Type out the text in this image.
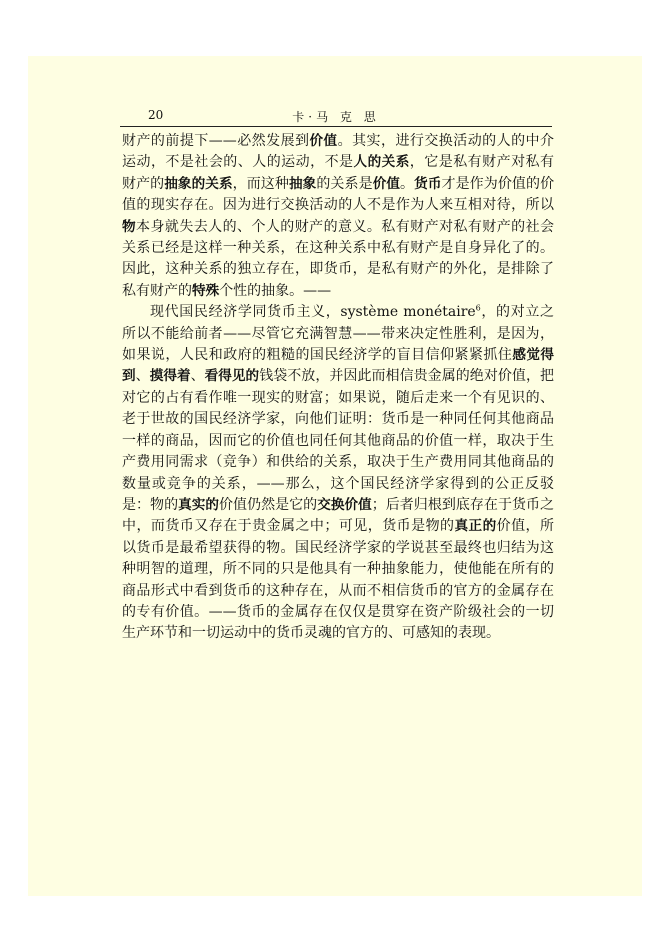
20	卡·马 克 思

财产的前提下——必然发展到价值。其实，进行交换活动的人的中介运动，不是社会的、人的运动，不是人的关系，它是私有财产对私有财产的抽象的关系，而这种抽象的关系是价值。货币才是作为价值的价值的现实存在。因为进行交换活动的人不是作为人来互相对待，所以物本身就失去人的、个人的财产的意义。私有财产对私有财产的社会关系已经是这样一种关系，在这种关系中私有财产是自身异化了的。因此，这种关系的独立存在，即货币，是私有财产的外化，是排除了私有财产的特殊个性的抽象。——

现代国民经济学同货币主义，système monétaire$^6$，的对立之所以不能给前者——尽管它充满智慧——带来决定性胜利，是因为，如果说，人民和政府的粗糙的国民经济学的盲目信仰紧紧抓住感觉得到、摸得着、看得见的钱袋不放，并因此而相信贵金属的绝对价值，把对它的占有看作唯一现实的财富；如果说，随后走来一个有见识的、老于世故的国民经济学家，向他们证明：货币是一种同任何其他商品一样的商品，因而它的价值也同任何其他商品的价值一样，取决于生产费用同需求（竞争）和供给的关系，取决于生产费用同其他商品的数量或竞争的关系，——那么，这个国民经济学家得到的公正反驳是：物的真实的价值仍然是它的交换价值；后者归根到底存在于货币之中，而货币又存在于贵金属之中；可见，货币是物的真正的价值，所以货币是最希望获得的物。国民经济学家的学说甚至最终也归结为这种明智的道理，所不同的只是他具有一种抽象能力，使他能在所有的商品形式中看到货币的这种存在，从而不相信货币的官方的金属存在的专有价值。——货币的金属存在仅仅是贯穿在资产阶级社会的一切生产环节和一切运动中的货币灵魂的官方的、可感知的表现。
